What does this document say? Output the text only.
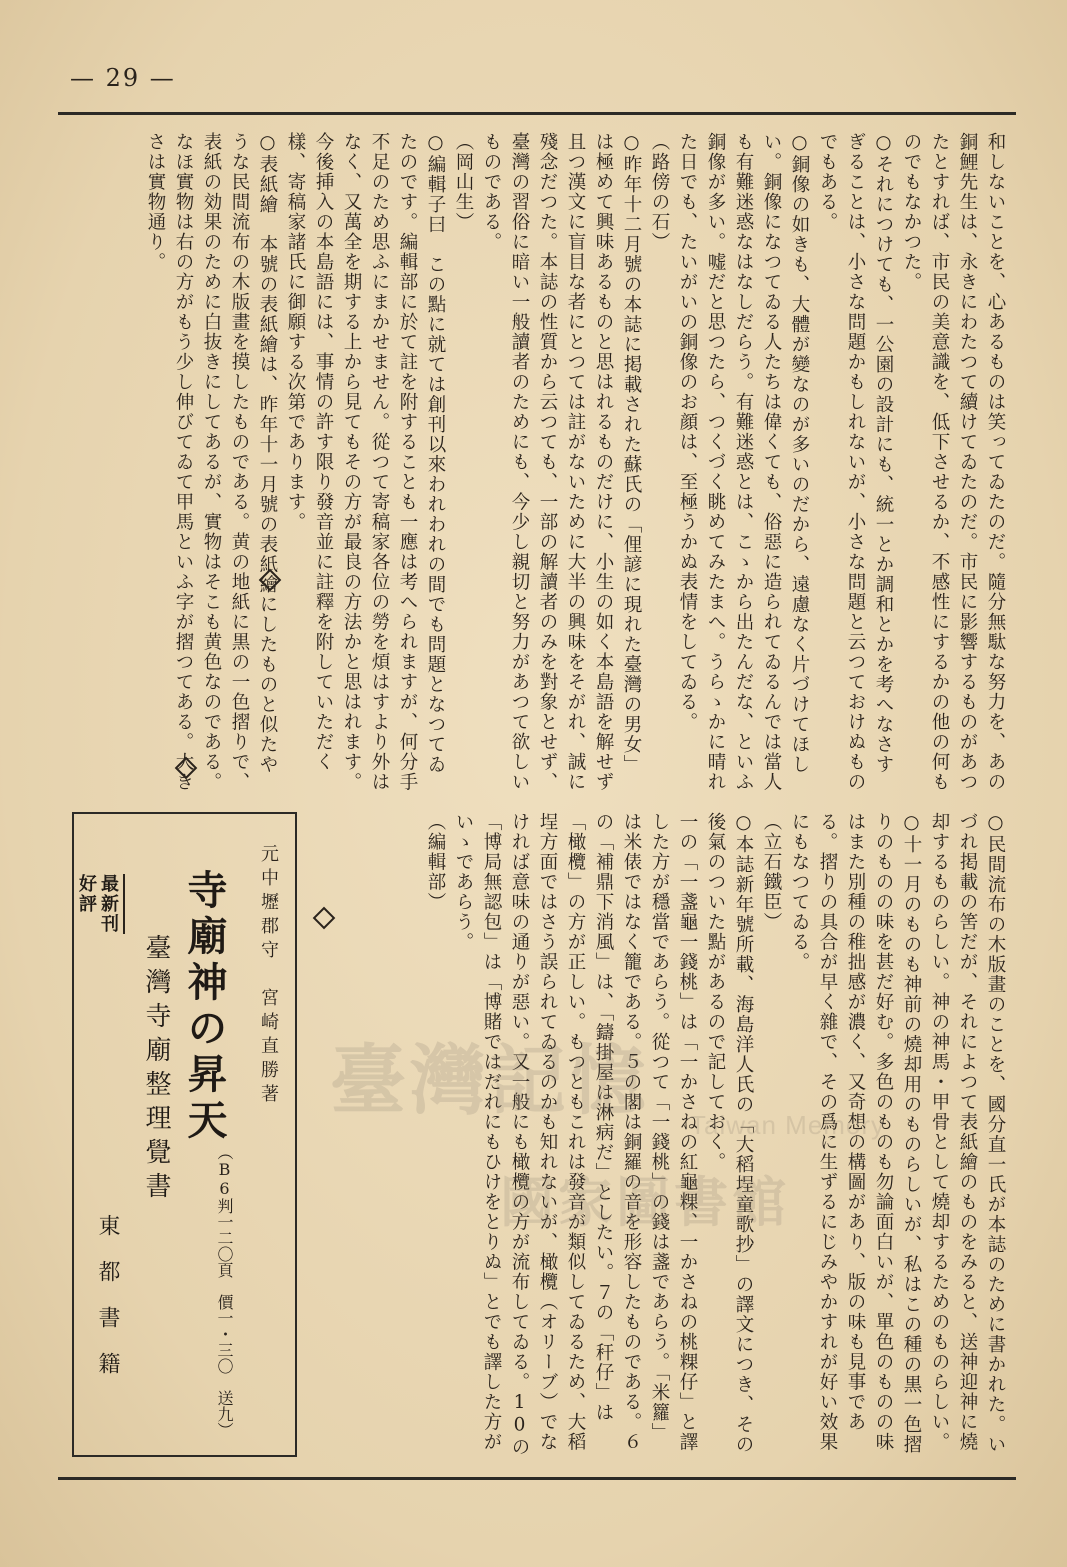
— 29 —
和しないことを、心あるものは笑ってゐたのだ。隨分無駄な努力を、あの銅鯉先生は、永きにわたつて續けてゐたのだ。市民に影響するものがあつたとすれば、市民の美意識を、低下させるか、不感性にするかの他の何ものでもなかつた。
○それにつけても、一公園の設計にも、統一とか調和とかを考へなさすぎることは、小さな問題かもしれないが、小さな問題と云つておけぬものでもある。
○銅像の如きも、大體が變なのが多いのだから、遠慮なく片づけてほしい。銅像になつてゐる人たちは偉くても、俗惡に造られてゐるんでは當人も有難迷惑なはなしだらう。有難迷惑とは、こゝから出たんだな、といふ銅像が多い。嘘だと思つたら、つくづく眺めてみたまへ。うらゝかに晴れた日でも、たいがいの銅像のお顔は、至極うかぬ表情をしてゐる。
（路傍の石）
○昨年十二月號の本誌に掲載された蘇氏の「俚諺に現れた臺灣の男女」は極めて興味あるものと思はれるものだけに、小生の如く本島語を解せず且つ漢文に盲目な者にとつては註がないために大半の興味をそがれ、誠に殘念だつた。本誌の性質から云つても、一部の解讀者のみを對象とせず、臺灣の習俗に暗い一般讀者のためにも、今少し親切と努力があつて欲しいものである。
（岡山生）
○編輯子曰　この點に就ては創刊以來われわれの間でも問題となつてゐたのです。編輯部に於て註を附することも一應は考へられますが、何分手不足のため思ふにまかせません。從つて寄稿家各位の勞を煩はすより外はなく、又萬全を期する上から見てもその方が最良の方法かと思はれます。今後挿入の本島語には、事情の許す限り發音並に註釋を附していただく樣、寄稿家諸氏に御願する次第であります。
○表紙繪　本號の表紙繪は、昨年十一月號の表紙繪にしたものと似たやうな民間流布の木版畫を摸したものである。黄の地紙に黒の一色摺りで、表紙の効果のために白抜きにしてあるが、實物はそこも黄色なのである。なほ實物は右の方がもう少し伸びてゐて甲馬といふ字が摺つてある。大きさは實物通り。
○民間流布の木版畫のことを、國分直一氏が本誌のために書かれた。いづれ掲載の筈だが、それによつて表紙繪のものをみると、送神迎神に燒却するものらしい。神の神馬・甲骨として燒却するためのものらしい。
○十一月のものも神前の燒却用のものらしいが、私はこの種の黒一色摺りのものの味を甚だ好む。多色のものも勿論面白いが、單色のものの味はまた別種の稚拙感が濃く、又奇想の構圖があり、版の味も見事である。摺りの具合が早く雜で、その爲に生ずるにじみやかすれが好い效果にもなつてゐる。
（立石鐵臣）
○本誌新年號所載、海島洋人氏の「大稻埕童歌抄」の譯文につき、その後氣のついた點があるので記しておく。
一の「一盞龜一錢桃」は「一かさねの紅龜粿、一かさねの桃粿仔」と譯した方が穩當であらう。從つて「一錢桃」の錢は盞であらう。「米籮」は米俵ではなく籠である。５の閣は銅羅の音を形容したものである。６の「補鼎下消風」は、「鑄掛屋は淋病だ」としたい。７の「秆仔」は「橄欖」の方が正しい。もつともこれは發音が類似してゐるため、大稻埕方面ではさう誤られてゐるのかも知れないが、橄欖（オリーブ）でなければ意味の通りが惡い。又一般にも橄欖の方が流布してゐる。10の「博局無認包」は「博賭ではだれにもひけをとりぬ」とでも譯した方がいゝであらう。
（編輯部）
元中壢郡守　宮崎直勝著
寺廟神の昇天
（B6判一二〇頁　價一・三〇　送九）
臺灣寺廟整理覺書
最新刊
好評
東都書籍
臺灣記憶 Taiwan Memory
國家圖書館
